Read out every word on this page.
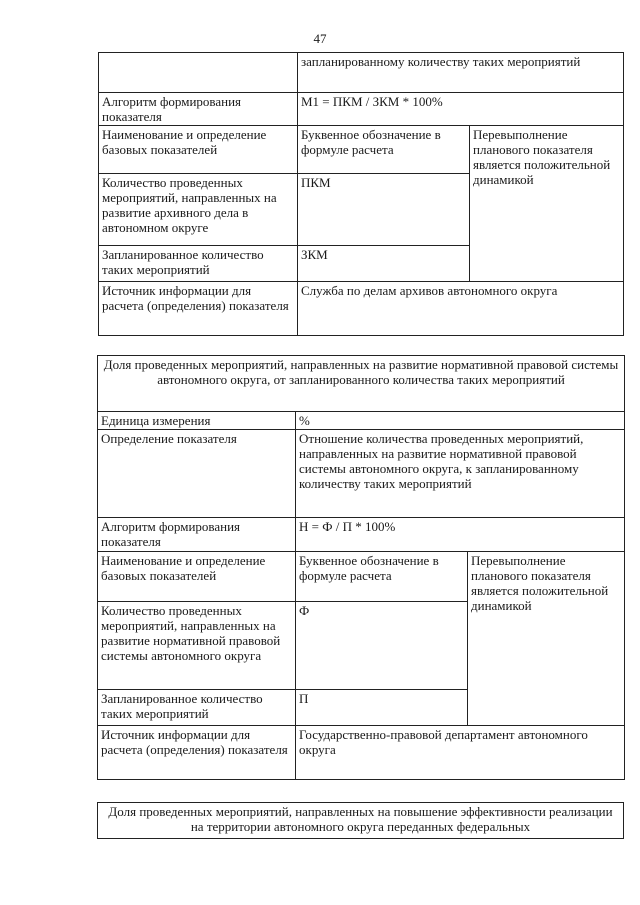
47
	запланированному количеству таких мероприятий	
Алгоритм формирования показателя	М1 = ПКМ / ЗКМ * 100%	
Наименование и определение базовых показателей	Буквенное обозначение в формуле расчета	Перевыполнение планового показателя является положительной динамикой
Количество проведенных мероприятий, направленных на развитие архивного дела в автономном округе	ПКМ	
Запланированное количество таких мероприятий	ЗКМ	
Источник информации для расчета (определения) показателя	Служба по делам архивов автономного округа	
Доля проведенных мероприятий, направленных на развитие нормативной правовой системы автономного округа, от запланированного количества таких мероприятий		
Единица измерения	%	
Определение показателя	Отношение количества проведенных мероприятий, направленных на развитие нормативной правовой системы автономного округа, к запланированному количеству таких мероприятий	
Алгоритм формирования показателя	Н = Ф / П * 100%	
Наименование и определение базовых показателей	Буквенное обозначение в формуле расчета	Перевыполнение планового показателя является положительной динамикой
Количество проведенных мероприятий, направленных на развитие нормативной правовой системы автономного округа	Ф	
Запланированное количество таких мероприятий	П	
Источник информации для расчета (определения) показателя	Государственно-правовой департамент автономного округа	
Доля проведенных мероприятий, направленных на повышение эффективности реализации на территории автономного округа переданных федеральных
